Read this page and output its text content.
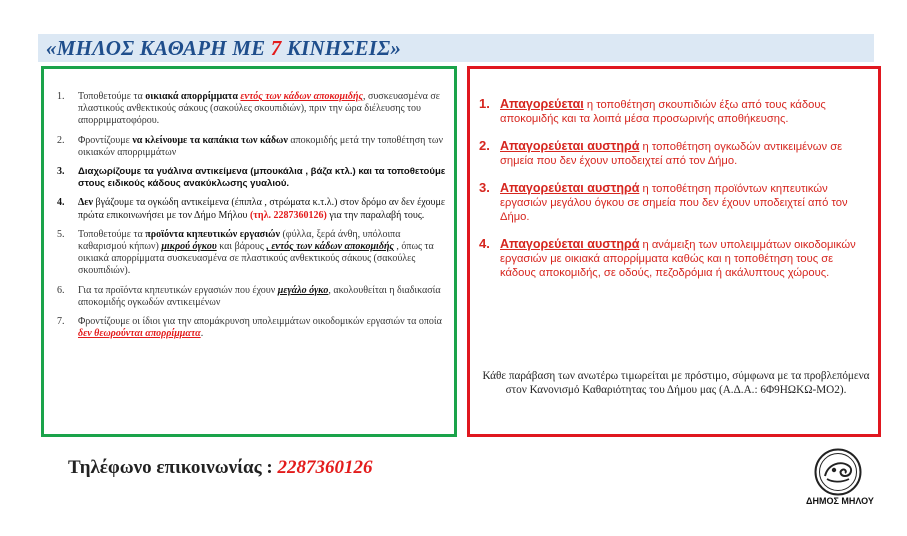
«ΜΗΛΟΣ ΚΑΘΑΡΗ ΜΕ 7 ΚΙΝΗΣΕΙΣ»
1. Τοποθετούμε τα οικιακά απορρίμματα εντός των κάδων αποκομιδής, συσκευασμένα σε πλαστικούς ανθεκτικούς σάκους (σακούλες σκουπιδιών), πριν την ώρα διέλευσης του απορριμματοφόρου.
2. Φροντίζουμε να κλείνουμε τα καπάκια των κάδων αποκομιδής μετά την τοποθέτηση των οικιακών απορριμμάτων
3. Διαχωρίζουμε τα γυάλινα αντικείμενα (μπουκάλια , βάζα κτλ.) και τα τοποθετούμε στους ειδικούς κάδους ανακύκλωσης γυαλιού.
4. Δεν βγάζουμε τα ογκώδη αντικείμενα (έπιπλα , στρώματα κ.τ.λ.) στον δρόμο αν δεν έχουμε πρώτα επικοινωνήσει με τον Δήμο Μήλου (τηλ. 2287360126) για την παραλαβή τους.
5. Τοποθετούμε τα προϊόντα κηπευτικών εργασιών (φύλλα, ξερά άνθη, υπόλοιπα καθαρισμού κήπων) μικρού όγκου και βάρους , εντός των κάδων αποκομιδής , όπως τα οικιακά απορρίμματα συσκευασμένα σε πλαστικούς ανθεκτικούς σάκους (σακούλες σκουπιδιών).
6. Για τα προϊόντα κηπευτικών εργασιών που έχουν μεγάλο όγκο, ακολουθείται η διαδικασία αποκομιδής ογκωδών αντικειμένων
7. Φροντίζουμε οι ίδιοι για την απομάκρυνση υπολειμμάτων οικοδομικών εργασιών τα οποία δεν θεωρούνται απορρίμματα.
1. Απαγορεύεται η τοποθέτηση σκουπιδιών έξω από τους κάδους αποκομιδής και τα λοιπά μέσα προσωρινής αποθήκευσης.
2. Απαγορεύεται αυστηρά η τοποθέτηση ογκωδών αντικειμένων σε σημεία που δεν έχουν υποδειχτεί από τον Δήμο.
3. Απαγορεύεται αυστηρά η τοποθέτηση προϊόντων κηπευτικών εργασιών μεγάλου όγκου σε σημεία που δεν έχουν υποδειχτεί από τον Δήμο.
4. Απαγορεύεται αυστηρά η ανάμειξη των υπολειμμάτων οικοδομικών εργασιών με οικιακά απορρίμματα καθώς και η τοποθέτηση τους σε κάδους αποκομιδής, σε οδούς, πεζοδρόμια ή ακάλυπτους χώρους.
Κάθε παράβαση των ανωτέρω τιμωρείται με πρόστιμο, σύμφωνα με τα προβλεπόμενα στον Κανονισμό Καθαριότητας του Δήμου μας (Α.Δ.Α.: 6Φ9ΗΩΚΩ-ΜΟ2).
Τηλέφωνο επικοινωνίας : 2287360126
ΔΗΜΟΣ ΜΗΛΟΥ
